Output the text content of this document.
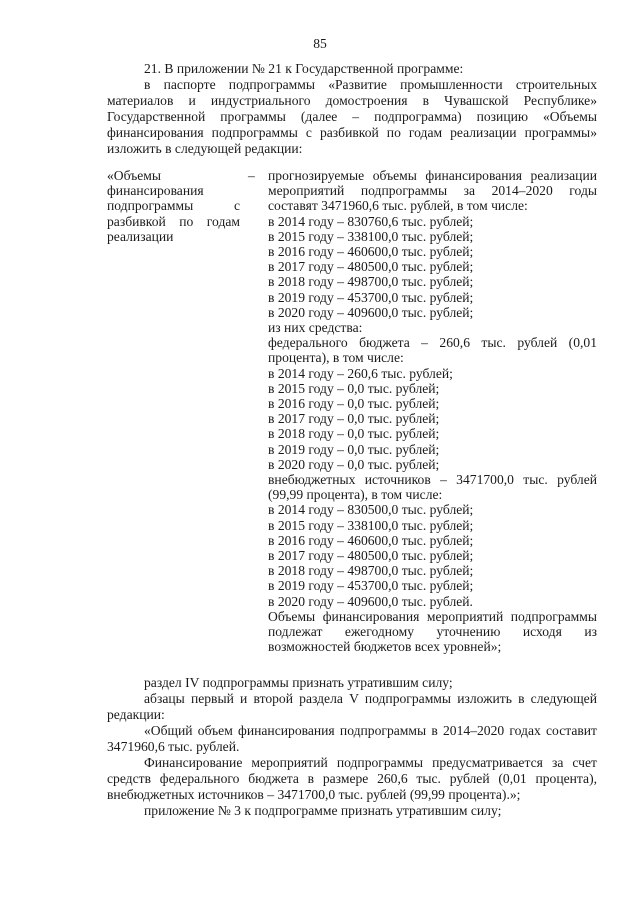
85

21. В приложении № 21 к Государственной программе:

в паспорте подпрограммы «Развитие промышленности строительных материалов и индустриального домостроения в Чувашской Республике» Государственной программы (далее – подпрограмма) позицию «Объемы финансирования подпрограммы с разбивкой по годам реализации программы» изложить в следующей редакции:

«Объемы финансирования подпрограммы с разбивкой по годам реализации
– прогнозируемые объемы финансирования реализации мероприятий подпрограммы за 2014–2020 годы составят 3471960,6 тыс. рублей, в том числе:
в 2014 году – 830760,6 тыс. рублей;
в 2015 году – 338100,0 тыс. рублей;
в 2016 году – 460600,0 тыс. рублей;
в 2017 году – 480500,0 тыс. рублей;
в 2018 году – 498700,0 тыс. рублей;
в 2019 году – 453700,0 тыс. рублей;
в 2020 году – 409600,0 тыс. рублей;
из них средства:
федерального бюджета – 260,6 тыс. рублей (0,01 процента), в том числе:
в 2014 году – 260,6 тыс. рублей;
в 2015 году – 0,0 тыс. рублей;
в 2016 году – 0,0 тыс. рублей;
в 2017 году – 0,0 тыс. рублей;
в 2018 году – 0,0 тыс. рублей;
в 2019 году – 0,0 тыс. рублей;
в 2020 году – 0,0 тыс. рублей;
внебюджетных источников – 3471700,0 тыс. рублей (99,99 процента), в том числе:
в 2014 году – 830500,0 тыс. рублей;
в 2015 году – 338100,0 тыс. рублей;
в 2016 году – 460600,0 тыс. рублей;
в 2017 году – 480500,0 тыс. рублей;
в 2018 году – 498700,0 тыс. рублей;
в 2019 году – 453700,0 тыс. рублей;
в 2020 году – 409600,0 тыс. рублей.
Объемы финансирования мероприятий подпрограммы подлежат ежегодному уточнению исходя из возможностей бюджетов всех уровней»;

раздел IV подпрограммы признать утратившим силу;

абзацы первый и второй раздела V подпрограммы изложить в следующей редакции:

«Общий объем финансирования подпрограммы в 2014–2020 годах составит 3471960,6 тыс. рублей.

Финансирование мероприятий подпрограммы предусматривается за счет средств федерального бюджета в размере 260,6 тыс. рублей (0,01 процента), внебюджетных источников – 3471700,0 тыс. рублей (99,99 процента).»;

приложение № 3 к подпрограмме признать утратившим силу;
